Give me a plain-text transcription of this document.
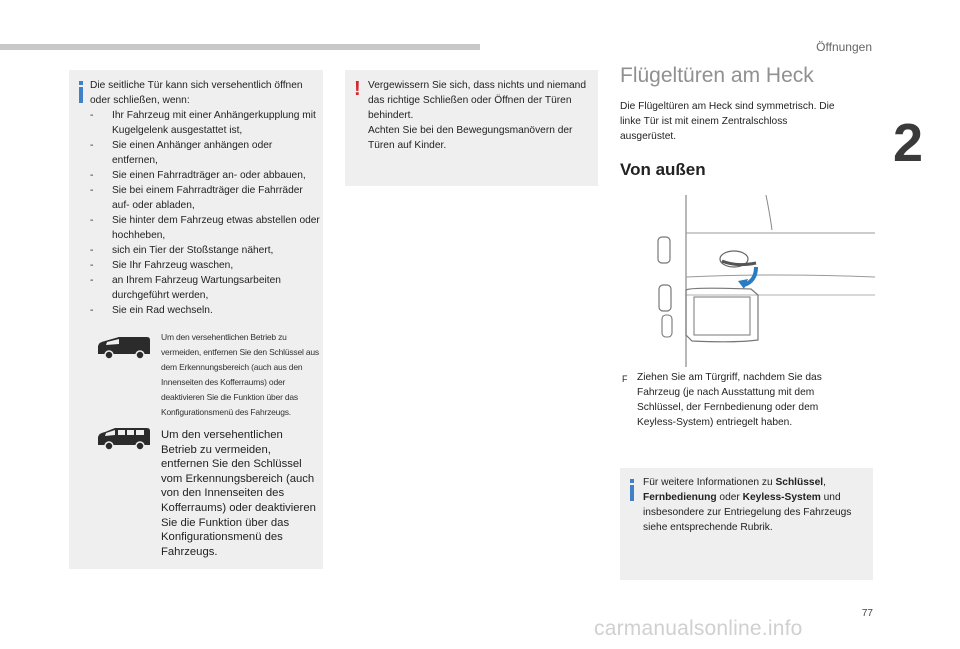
Öffnungen
2
77
carmanualsonline.info

Die seitliche Tür kann sich versehentlich öffnen oder schließen, wenn:

- Ihr Fahrzeug mit einer Anhängerkupplung mit Kugelgelenk ausgestattet ist,
- Sie einen Anhänger anhängen oder entfernen,
- Sie einen Fahrradträger an- oder abbauen,
- Sie bei einem Fahrradträger die Fahrräder auf- oder abladen,
- Sie hinter dem Fahrzeug etwas abstellen oder hochheben,
- sich ein Tier der Stoßstange nähert,
- Sie Ihr Fahrzeug waschen,
- an Ihrem Fahrzeug Wartungsarbeiten durchgeführt werden,
- Sie ein Rad wechseln.
Um den versehentlichen Betrieb zu vermeiden, entfernen Sie den Schlüssel aus dem Erkennungsbereich (auch aus den Innenseiten des Kofferraums) oder deaktivieren Sie die Funktion über das Konfigurationsmenü des Fahrzeugs.
Um den versehentlichen Betrieb zu vermeiden, entfernen Sie den Schlüssel vom Erkennungsbereich (auch von den Innenseiten des Kofferraums) oder deaktivieren Sie die Funktion über das Konfigurationsmenü des Fahrzeugs.
! Vergewissern Sie sich, dass nichts und niemand das richtige Schließen oder Öffnen der Türen behindert.

Achten Sie bei den Bewegungsmanövern der Türen auf Kinder.

Flügeltüren am Heck
Die Flügeltüren am Heck sind symmetrisch. Die linke Tür ist mit einem Zentralschloss ausgerüstet.
Von außen
F Ziehen Sie am Türgriff, nachdem Sie das Fahrzeug (je nach Ausstattung mit dem Schlüssel, der Fernbedienung oder dem Keyless-System) entriegelt haben.
Für weitere Informationen zu Schlüssel, Fernbedienung oder Keyless-System und insbesondere zur Entriegelung des Fahrzeugs siehe entsprechende Rubrik.
